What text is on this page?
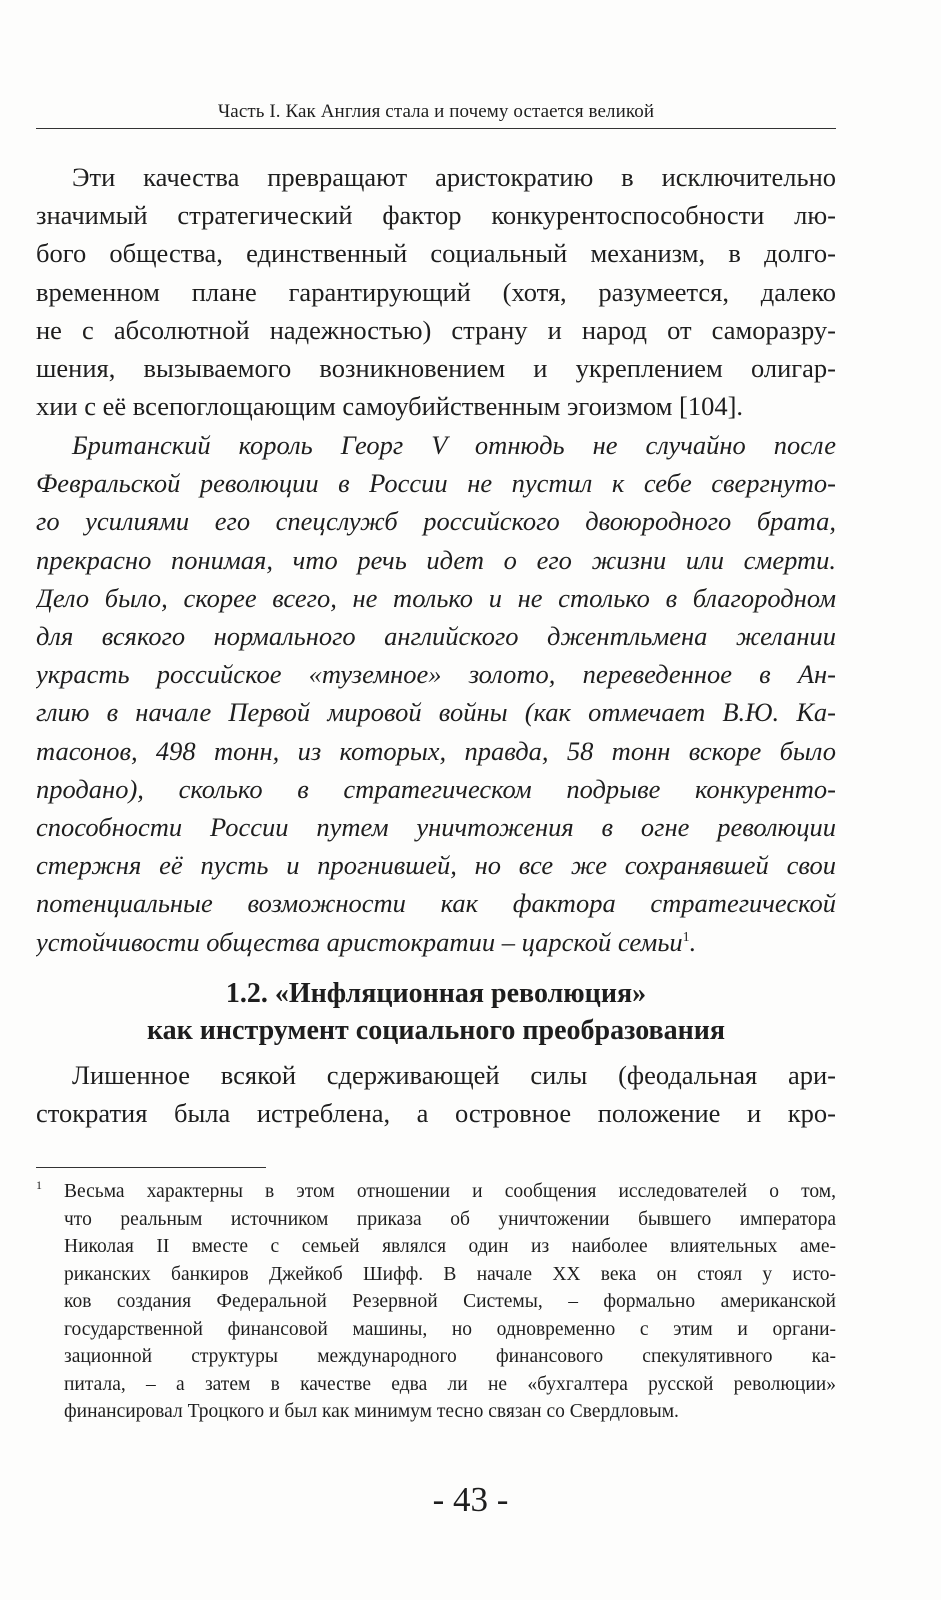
Часть I. Как Англия стала и почему остается великой
Эти качества превращают аристократию в исключительно
значимый стратегический фактор конкурентоспособности лю-
бого общества, единственный социальный механизм, в долго-
временном плане гарантирующий (хотя, разумеется, далеко
не с абсолютной надежностью) страну и народ от саморазру-
шения, вызываемого возникновением и укреплением олигар-
хии с её всепоглощающим самоубийственным эгоизмом [104].
Британский король Георг V отнюдь не случайно после
Февральской революции в России не пустил к себе свергнуто-
го усилиями его спецслужб российского двоюродного брата,
прекрасно понимая, что речь идет о его жизни или смерти.
Дело было, скорее всего, не только и не столько в благородном
для всякого нормального английского джентльмена желании
украсть российское «туземное» золото, переведенное в Ан-
глию в начале Первой мировой войны (как отмечает В.Ю. Ка-
тасонов, 498 тонн, из которых, правда, 58 тонн вскоре было
продано), сколько в стратегическом подрыве конкуренто-
способности России путем уничтожения в огне революции
стержня её пусть и прогнившей, но все же сохранявшей свои
потенциальные возможности как фактора стратегической
устойчивости общества аристократии – царской семьи$^1$.
1.2. «Инфляционная революция»
как инструмент социального преобразования
Лишенное всякой сдерживающей силы (феодальная ари-
стократия была истреблена, а островное положение и кро-
1 Весьма характерны в этом отношении и сообщения исследователей о том,
что реальным источником приказа об уничтожении бывшего императора
Николая II вместе с семьей являлся один из наиболее влиятельных аме-
риканских банкиров Джейкоб Шифф. В начале XX века он стоял у исто-
ков создания Федеральной Резервной Системы, – формально американской
государственной финансовой машины, но одновременно с этим и органи-
зационной структуры международного финансового спекулятивного ка-
питала, – а затем в качестве едва ли не «бухгалтера русской революции»
финансировал Троцкого и был как минимум тесно связан со Свердловым.
- 43 -
